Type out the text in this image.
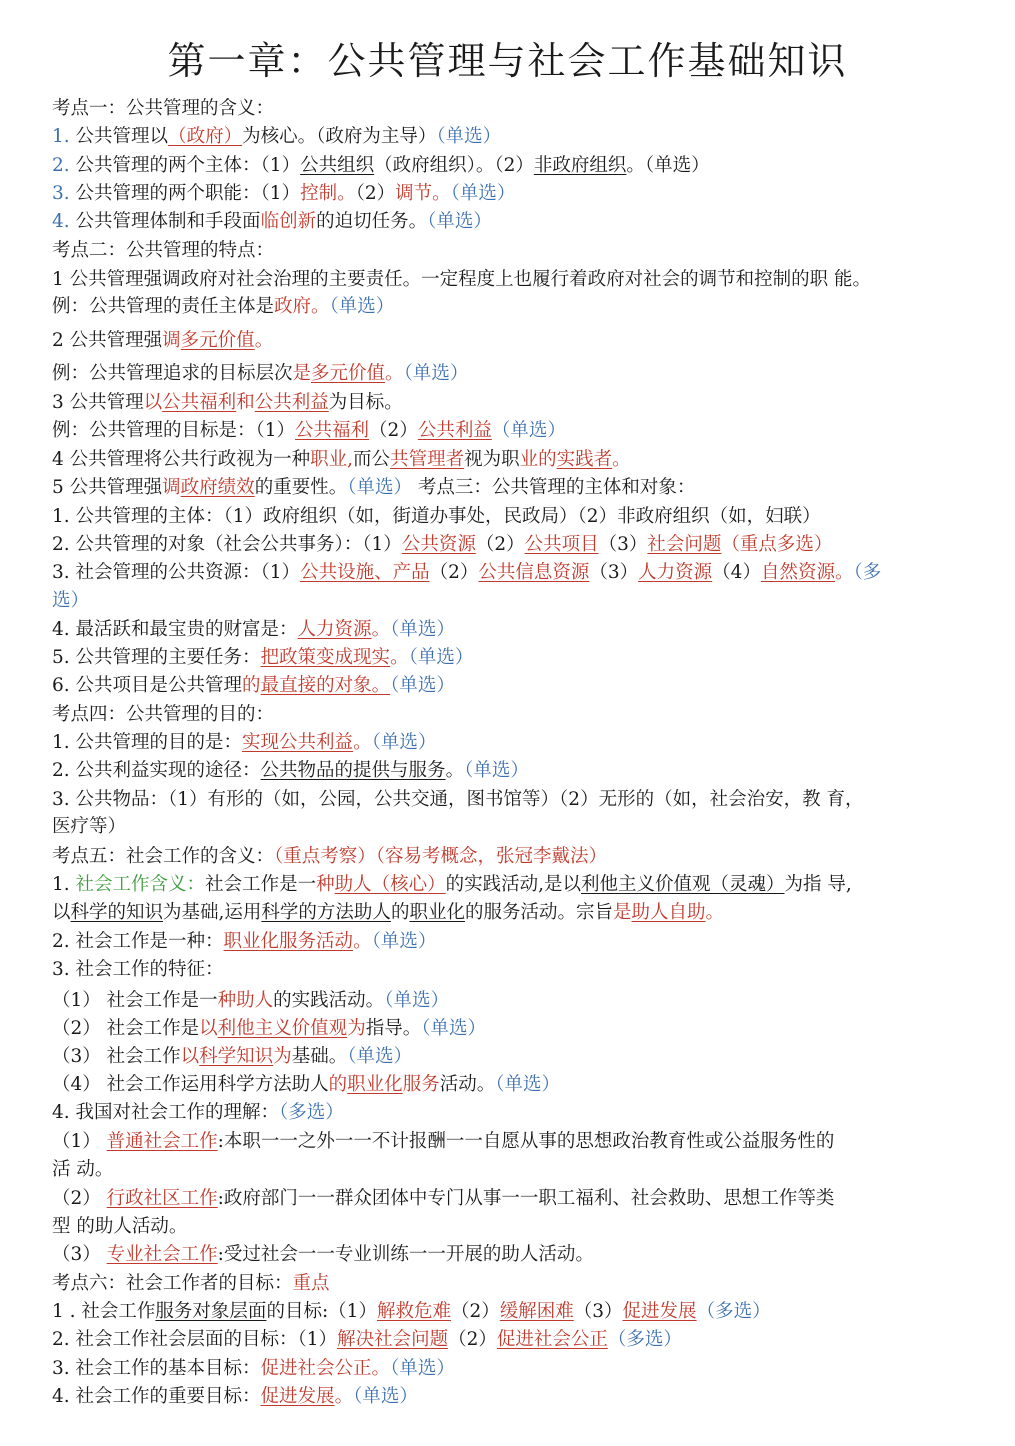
第一章：公共管理与社会工作基础知识
考点一：公共管理的含义：
1. 公共管理以（政府）为核心。（政府为主导）（单选）
2. 公共管理的两个主体：（1）公共组织（政府组织）。（2）非政府组织。（单选）
3. 公共管理的两个职能：（1）控制。（2）调节。（单选）
4. 公共管理体制和手段面临创新的迫切任务。（单选）
考点二：公共管理的特点：
1 公共管理强调政府对社会治理的主要责任。一定程度上也履行着政府对社会的调节和控制的职 能。
例：公共管理的责任主体是政府。（单选）
2 公共管理强调多元价值。
例：公共管理追求的目标层次是多元价值。（单选）
3 公共管理以公共福利和公共利益为目标。
例：公共管理的目标是：（1）公共福利（2）公共利益（单选）
4 公共管理将公共行政视为一种职业,而公共管理者视为职业的实践者。
5 公共管理强调政府绩效的重要性。（单选） 考点三：公共管理的主体和对象：
1. 公共管理的主体：（1）政府组织（如，街道办事处，民政局）（2）非政府组织（如，妇联）
2. 公共管理的对象（社会公共事务）：（1）公共资源（2）公共项目（3）社会问题（重点多选）
3. 社会管理的公共资源：（1）公共设施、产品（2）公共信息资源（3）人力资源（4）自然资源。（多
选）
4. 最活跃和最宝贵的财富是：人力资源。（单选）
5. 公共管理的主要任务：把政策变成现实。（单选）
6. 公共项目是公共管理的最直接的对象。（单选）
考点四：公共管理的目的：
1. 公共管理的目的是：实现公共利益。（单选）
2. 公共利益实现的途径：公共物品的提供与服务。（单选）
3. 公共物品：（1）有形的（如，公园，公共交通，图书馆等）（2）无形的（如，社会治安，教 育，
医疗等）
考点五：社会工作的含义：（重点考察）（容易考概念，张冠李戴法）
1. 社会工作含义：社会工作是一种助人（核心）的实践活动,是以利他主义价值观（灵魂）为指 导,
以科学的知识为基础,运用科学的方法助人的职业化的服务活动。宗旨是助人自助。
2. 社会工作是一种：职业化服务活动。（单选）
3. 社会工作的特征：
（1） 社会工作是一种助人的实践活动。（单选）
（2） 社会工作是以利他主义价值观为指导。（单选）
（3） 社会工作以科学知识为基础。（单选）
（4） 社会工作运用科学方法助人的职业化服务活动。（单选）
4. 我国对社会工作的理解：（多选）
（1） 普通社会工作:本职一一之外一一不计报酬一一自愿从事的思想政治教育性或公益服务性的
活 动。
（2） 行政社区工作:政府部门一一群众团体中专门从事一一职工福利、社会救助、思想工作等类
型 的助人活动。
（3） 专业社会工作:受过社会一一专业训练一一开展的助人活动。
考点六：社会工作者的目标：重点
1 . 社会工作服务对象层面的目标:（1）解救危难（2）缓解困难（3）促进发展（多选）
2. 社会工作社会层面的目标：（1）解决社会问题（2）促进社会公正（多选）
3. 社会工作的基本目标：促进社会公正。（单选）
4. 社会工作的重要目标：促进发展。（单选）
